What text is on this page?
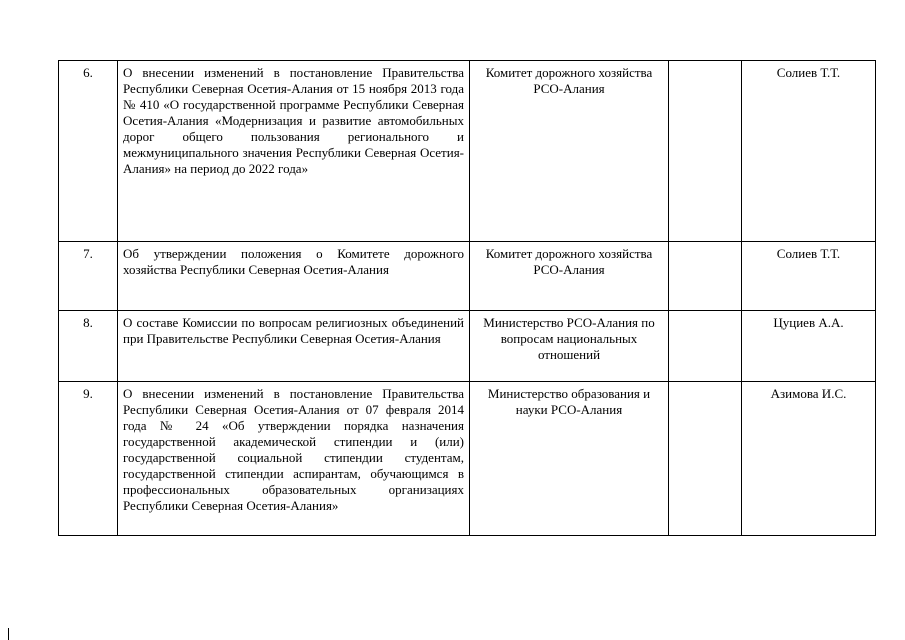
6.	О внесении изменений в постановление Правительства Республики Северная Осетия-Алания от 15 ноября 2013 года № 410 «О государственной программе Республики Северная Осетия-Алания «Модернизация и развитие автомобильных дорог общего пользования регионального и межмуниципального значения Республики Северная Осетия-Алания» на период до 2022 года»	Комитет дорожного хозяйства РСО-Алания		Солиев Т.Т.
7.	Об утверждении положения о Комитете дорожного хозяйства Республики Северная Осетия-Алания	Комитет дорожного хозяйства РСО-Алания		Солиев Т.Т.
8.	О составе Комиссии по вопросам религиозных объединений при Правительстве Республики Северная Осетия-Алания	Министерство РСО-Алания по вопросам национальных отношений		Цуциев А.А.
9.	О внесении изменений в постановление Правительства Республики Северная Осетия-Алания от 07 февраля 2014 года № 24 «Об утверждении порядка назначения государственной академической стипендии и (или) государственной социальной стипендии студентам, государственной стипендии аспирантам, обучающимся в профессиональных образовательных организациях Республики Северная Осетия-Алания»	Министерство образования и науки РСО-Алания		Азимова И.С.
